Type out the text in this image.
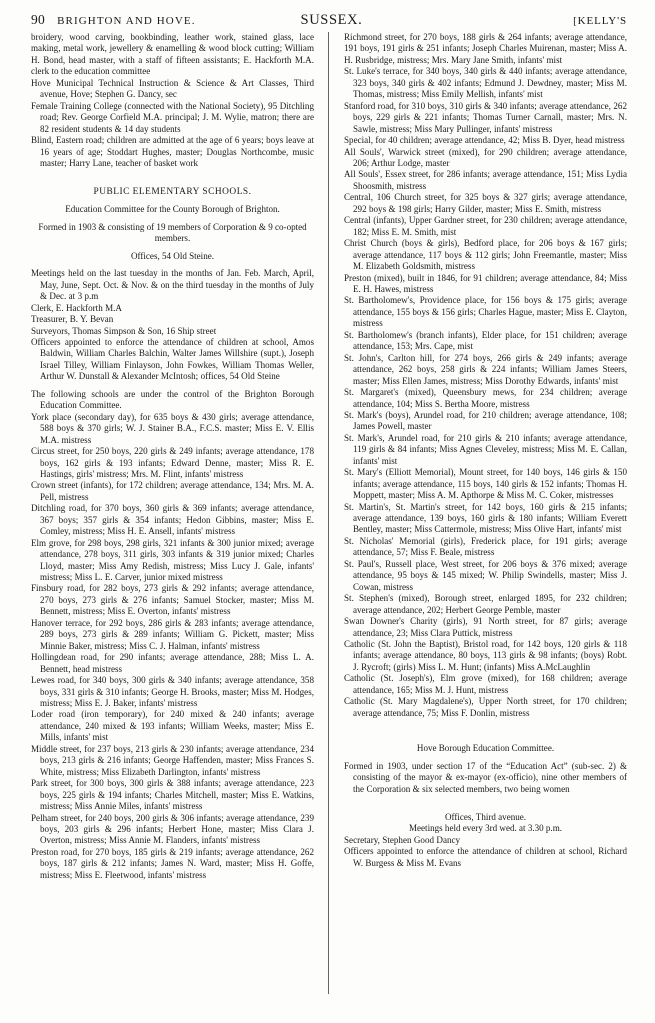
90 BRIGHTON AND HOVE.	SUSSEX.	[KELLY'S

broidery, wood carving, bookbinding, leather work, stained glass, lace making, metal work, jewellery & enamelling & wood block cutting; William H. Bond, head master, with a staff of fifteen assistants; E. Hackforth M.A. clerk to the education committee

Hove Municipal Technical Instruction & Science & Art Classes, Third avenue, Hove; Stephen G. Dancy, sec

Female Training College (connected with the National Society), 95 Ditchling road; Rev. George Corfield M.A. principal; J. M. Wylie, matron; there are 82 resident students & 14 day students

Blind, Eastern road; children are admitted at the age of 6 years; boys leave at 16 years of age; Stoddart Hughes, master; Douglas Northcombe, music master; Harry Lane, teacher of basket work

PUBLIC ELEMENTARY SCHOOLS.

Education Committee for the County Borough of Brighton.

Formed in 1903 & consisting of 19 members of Corporation & 9 co-opted members.

Offices, 54 Old Steine.

Meetings held on the last tuesday in the months of Jan. Feb. March, April, May, June, Sept. Oct. & Nov. & on the third tuesday in the months of July & Dec. at 3 p.m

Clerk, E. Hackforth M.A

Treasurer, B. Y. Bevan

Surveyors, Thomas Simpson & Son, 16 Ship street

Officers appointed to enforce the attendance of children at school, Amos Baldwin, William Charles Balchin, Walter James Willshire (supt.), Joseph Israel Tilley, William Finlayson, John Fowkes, William Thomas Weller, Arthur W. Dunstall & Alexander McIntosh; offices, 54 Old Steine

The following schools are under the control of the Brighton Borough Education Committee.

York place (secondary day), for 635 boys & 430 girls; average attendance, 588 boys & 370 girls; W. J. Stainer B.A., F.C.S. master; Miss E. V. Ellis M.A. mistress

Circus street, for 250 boys, 220 girls & 249 infants; average attendance, 178 boys, 162 girls & 193 infants; Edward Denne, master; Miss R. E. Hastings, girls' mistress; Mrs. M. Flint, infants' mistress

Crown street (infants), for 172 children; average attendance, 134; Mrs. M. A. Pell, mistress

Ditchling road, for 370 boys, 360 girls & 369 infants; average attendance, 367 boys; 357 girls & 354 infants; Hedon Gibbins, master; Miss E. Comley, mistress; Miss H. E. Ansell, infants' mistress

Elm grove, for 298 boys, 298 girls, 321 infants & 300 junior mixed; average attendance, 278 boys, 311 girls, 303 infants & 319 junior mixed; Charles Lloyd, master; Miss Amy Redish, mistress; Miss Lucy J. Gale, infants' mistress; Miss L. E. Carver, junior mixed mistress

Finsbury road, for 282 boys, 273 girls & 292 infants; average attendance, 270 boys, 273 girls & 276 infants; Samuel Stocker, master; Miss M. Bennett, mistress; Miss E. Overton, infants' mistress

Hanover terrace, for 292 boys, 286 girls & 283 infants; average attendance, 289 boys, 273 girls & 289 infants; William G. Pickett, master; Miss Minnie Baker, mistress; Miss C. J. Halman, infants' mistress

Hollingdean road, for 290 infants; average attendance, 288; Miss L. A. Bennett, head mistress

Lewes road, for 340 boys, 300 girls & 340 infants; average attendance, 358 boys, 331 girls & 310 infants; George H. Brooks, master; Miss M. Hodges, mistress; Miss E. J. Baker, infants' mistress

Loder road (iron temporary), for 240 mixed & 240 infants; average attendance, 240 mixed & 193 infants; William Weeks, master; Miss E. Mills, infants' mist

Middle street, for 237 boys, 213 girls & 230 infants; average attendance, 234 boys, 213 girls & 216 infants; George Haffenden, master; Miss Frances S. White, mistress; Miss Elizabeth Darlington, infants' mistress

Park street, for 300 boys, 300 girls & 388 infants; average attendance, 223 boys, 225 girls & 194 infants; Charles Mitchell, master; Miss E. Watkins, mistress; Miss Annie Miles, infants' mistress

Pelham street, for 240 boys, 200 girls & 306 infants; average attendance, 239 boys, 203 girls & 296 infants; Herbert Hone, master; Miss Clara J. Overton, mistress; Miss Annie M. Flanders, infants' mistress

Preston road, for 270 boys, 185 girls & 219 infants; average attendance, 262 boys, 187 girls & 212 infants; James N. Ward, master; Miss H. Goffe, mistress; Miss E. Fleetwood, infants' mistress

Richmond street, for 270 boys, 188 girls & 264 infants; average attendance, 191 boys, 191 girls & 251 infants; Joseph Charles Muirenan, master; Miss A. H. Rusbridge, mistress; Mrs. Mary Jane Smith, infants' mist

St. Luke's terrace, for 340 boys, 340 girls & 440 infants; average attendance, 323 boys, 340 girls & 402 infants; Edmund J. Dewdney, master; Miss M. Thomas, mistress; Miss Emily Mellish, infants' mist

Stanford road, for 310 boys, 310 girls & 340 infants; average attendance, 262 boys, 229 girls & 221 infants; Thomas Turner Carnall, master; Mrs. N. Sawle, mistress; Miss Mary Pullinger, infants' mistress

Special, for 40 children; average attendance, 42; Miss B. Dyer, head mistress

All Souls', Warwick street (mixed), for 290 children; average attendance, 206; Arthur Lodge, master

All Souls', Essex street, for 286 infants; average attendance, 151; Miss Lydia Shoosmith, mistress

Central, 106 Church street, for 325 boys & 327 girls; average attendance, 292 boys & 198 girls; Harry Gilder, master; Miss E. Smith, mistress

Central (infants), Upper Gardner street, for 230 children; average attendance, 182; Miss E. M. Smith, mist

Christ Church (boys & girls), Bedford place, for 206 boys & 167 girls; average attendance, 117 boys & 112 girls; John Freemantle, master; Miss M. Elizabeth Goldsmith, mistress

Preston (mixed), built in 1846, for 91 children; average attendance, 84; Miss E. H. Hawes, mistress

St. Bartholomew's, Providence place, for 156 boys & 175 girls; average attendance, 155 boys & 156 girls; Charles Hague, master; Miss E. Clayton, mistress

St. Bartholomew's (branch infants), Elder place, for 151 children; average attendance, 153; Mrs. Cape, mist

St. John's, Carlton hill, for 274 boys, 266 girls & 249 infants; average attendance, 262 boys, 258 girls & 224 infants; William James Steers, master; Miss Ellen James, mistress; Miss Dorothy Edwards, infants' mist

St. Margaret's (mixed), Queensbury mews, for 234 children; average attendance, 104; Miss S. Bertha Moore, mistress

St. Mark's (boys), Arundel road, for 210 children; average attendance, 108; James Powell, master

St. Mark's, Arundel road, for 210 girls & 210 infants; average attendance, 119 girls & 84 infants; Miss Agnes Cleveley, mistress; Miss M. E. Callan, infants' mist

St. Mary's (Elliott Memorial), Mount street, for 140 boys, 146 girls & 150 infants; average attendance, 115 boys, 140 girls & 152 infants; Thomas H. Moppett, master; Miss A. M. Apthorpe & Miss M. C. Coker, mistresses

St. Martin's, St. Martin's street, for 142 boys, 160 girls & 215 infants; average attendance, 139 boys, 160 girls & 180 infants; William Everett Bentley, master; Miss Cattermole, mistress; Miss Olive Hart, infants' mist

St. Nicholas' Memorial (girls), Frederick place, for 191 girls; average attendance, 57; Miss F. Beale, mistress

St. Paul's, Russell place, West street, for 206 boys & 376 mixed; average attendance, 95 boys & 145 mixed; W. Philip Swindells, master; Miss J. Cowan, mistress

St. Stephen's (mixed), Borough street, enlarged 1895, for 232 children; average attendance, 202; Herbert George Pemble, master

Swan Downer's Charity (girls), 91 North street, for 87 girls; average attendance, 23; Miss Clara Puttick, mistress

Catholic (St. John the Baptist), Bristol road, for 142 boys, 120 girls & 118 infants; average attendance, 80 boys, 113 girls & 98 infants; (boys) Robt. J. Rycroft; (girls) Miss L. M. Hunt; (infants) Miss A.McLaughlin

Catholic (St. Joseph's), Elm grove (mixed), for 168 children; average attendance, 165; Miss M. J. Hunt, mistress

Catholic (St. Mary Magdalene's), Upper North street, for 170 children; average attendance, 75; Miss F. Donlin, mistress

Hove Borough Education Committee.

Formed in 1903, under section 17 of the “Education Act” (sub-sec. 2) & consisting of the mayor & ex-mayor (ex-officio), nine other members of the Corporation & six selected members, two being women

Offices, Third avenue.

Meetings held every 3rd wed. at 3.30 p.m.

Secretary, Stephen Good Dancy

Officers appointed to enforce the attendance of children at school, Richard W. Burgess & Miss M. Evans
